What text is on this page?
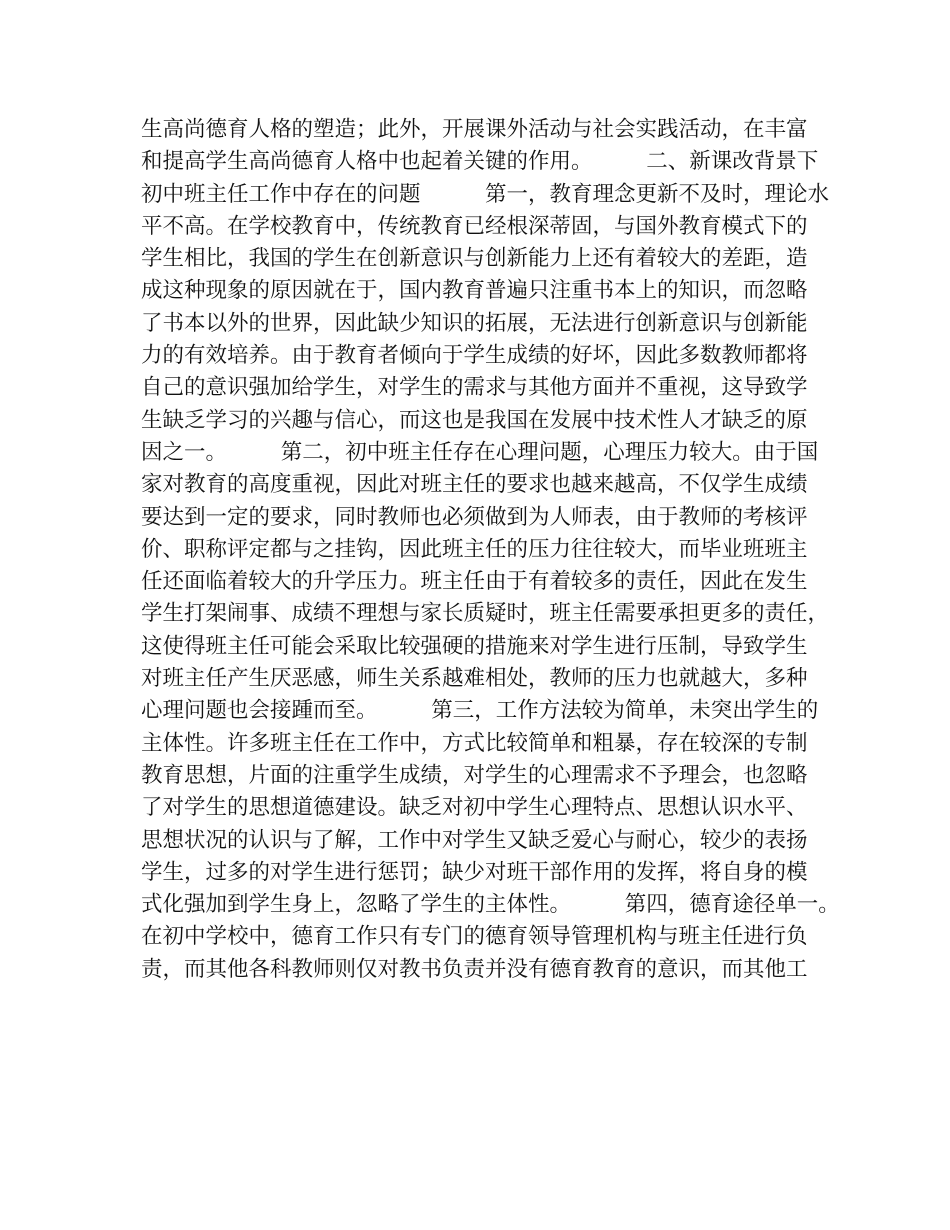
生高尚德育人格的塑造；此外，开展课外活动与社会实践活动，在丰富
和提高学生高尚德育人格中也起着关键的作用。　　　二、新课改背景下
初中班主任工作中存在的问题　　　第一，教育理念更新不及时，理论水
平不高。在学校教育中，传统教育已经根深蒂固，与国外教育模式下的
学生相比，我国的学生在创新意识与创新能力上还有着较大的差距，造
成这种现象的原因就在于，国内教育普遍只注重书本上的知识，而忽略
了书本以外的世界，因此缺少知识的拓展，无法进行创新意识与创新能
力的有效培养。由于教育者倾向于学生成绩的好坏，因此多数教师都将
自己的意识强加给学生，对学生的需求与其他方面并不重视，这导致学
生缺乏学习的兴趣与信心，而这也是我国在发展中技术性人才缺乏的原
因之一。　　　第二，初中班主任存在心理问题，心理压力较大。由于国
家对教育的高度重视，因此对班主任的要求也越来越高，不仅学生成绩
要达到一定的要求，同时教师也必须做到为人师表，由于教师的考核评
价、职称评定都与之挂钩，因此班主任的压力往往较大，而毕业班班主
任还面临着较大的升学压力。班主任由于有着较多的责任，因此在发生
学生打架闹事、成绩不理想与家长质疑时，班主任需要承担更多的责任，
这使得班主任可能会采取比较强硬的措施来对学生进行压制，导致学生
对班主任产生厌恶感，师生关系越难相处，教师的压力也就越大，多种
心理问题也会接踵而至。　　　第三，工作方法较为简单，未突出学生的
主体性。许多班主任在工作中，方式比较简单和粗暴，存在较深的专制
教育思想，片面的注重学生成绩，对学生的心理需求不予理会，也忽略
了对学生的思想道德建设。缺乏对初中学生心理特点、思想认识水平、
思想状况的认识与了解，工作中对学生又缺乏爱心与耐心，较少的表扬
学生，过多的对学生进行惩罚；缺少对班干部作用的发挥，将自身的模
式化强加到学生身上，忽略了学生的主体性。　　　第四，德育途径单一。
在初中学校中，德育工作只有专门的德育领导管理机构与班主任进行负
责，而其他各科教师则仅对教书负责并没有德育教育的意识，而其他工
